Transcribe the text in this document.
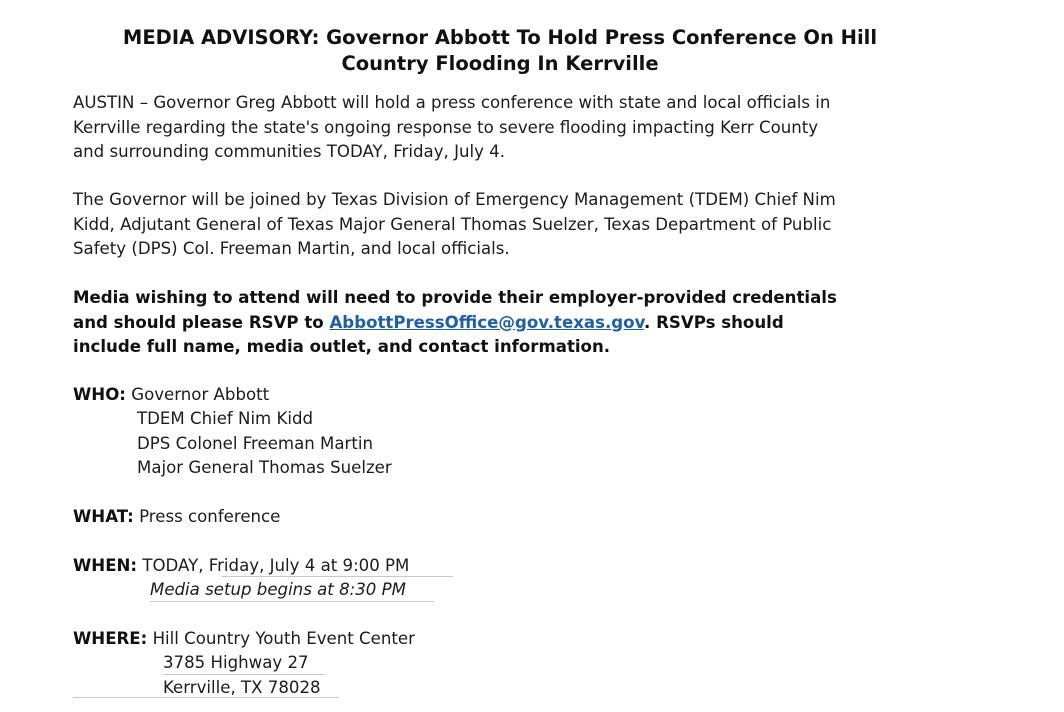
MEDIA ADVISORY: Governor Abbott To Hold Press Conference On Hill
Country Flooding In Kerrville

AUSTIN – Governor Greg Abbott will hold a press conference with state and local officials in
Kerrville regarding the state's ongoing response to severe flooding impacting Kerr County
and surrounding communities TODAY, Friday, July 4.

The Governor will be joined by Texas Division of Emergency Management (TDEM) Chief Nim
Kidd, Adjutant General of Texas Major General Thomas Suelzer, Texas Department of Public
Safety (DPS) Col. Freeman Martin, and local officials.

Media wishing to attend will need to provide their employer-provided credentials
and should please RSVP to AbbottPressOffice@gov.texas.gov. RSVPs should
include full name, media outlet, and contact information.

WHO: Governor Abbott
TDEM Chief Nim Kidd
DPS Colonel Freeman Martin
Major General Thomas Suelzer
WHAT: Press conference
WHEN: TODAY, Friday, July 4 at 9:00 PM
Media setup begins at 8:30 PM
WHERE: Hill Country Youth Event Center
3785 Highway 27
Kerrville, TX 78028
